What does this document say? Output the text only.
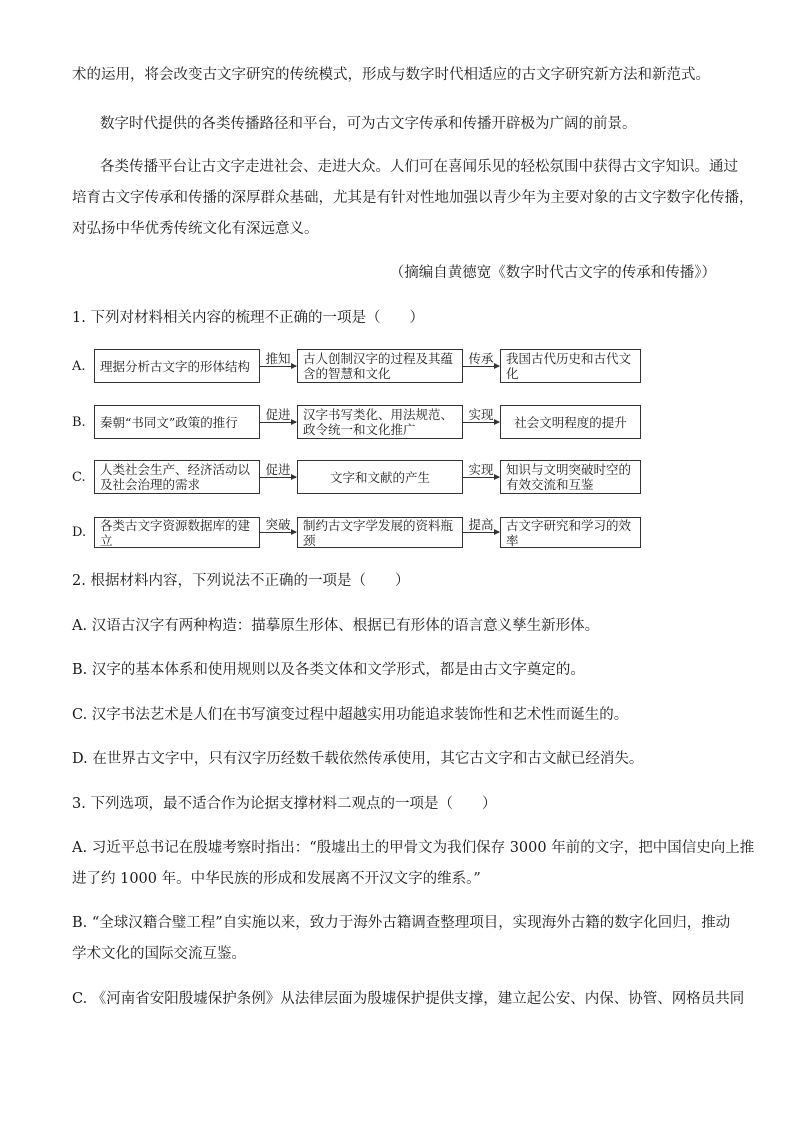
术的运用，将会改变古文字研究的传统模式，形成与数字时代相适应的古文字研究新方法和新范式。
数字时代提供的各类传播路径和平台，可为古文字传承和传播开辟极为广阔的前景。
各类传播平台让古文字走进社会、走进大众。人们可在喜闻乐见的轻松氛围中获得古文字知识。通过
培育古文字传承和传播的深厚群众基础，尤其是有针对性地加强以青少年为主要对象的古文字数字化传播，
对弘扬中华优秀传统文化有深远意义。
（摘编自黄德宽《数字时代古文字的传承和传播》）
1. 下列对材料相关内容的梳理不正确的一项是（　　）
A.	理据分析古文字的形体结构	推知	古人创制汉字的过程及其蕴含的智慧和文化
传承	我国古代历史和古代文化
B.	秦朝“书同文”政策的推行	促进	汉字书写类化、用法规范、政令统一和文化推广
实现	社会文明程度的提升
C.
人类社会生产、经济活动以及社会治理的需求
促进	文字和文献的产生	实现	知识与文明突破时空的有效交流和互鉴
D.	各类古文字资源数据库的建立
突破	制约古文字学发展的资料瓶颈
提高	古文字研究和学习的效率
2. 根据材料内容，下列说法不正确的一项是（　　）
A. 汉语古汉字有两种构造：描摹原生形体、根据已有形体的语言意义孳生新形体。
B. 汉字的基本体系和使用规则以及各类文体和文学形式，都是由古文字奠定的。
C. 汉字书法艺术是人们在书写演变过程中超越实用功能追求装饰性和艺术性而诞生的。
D. 在世界古文字中，只有汉字历经数千载依然传承使用，其它古文字和古文献已经消失。
3. 下列选项，最不适合作为论据支撑材料二观点的一项是（　　）
A. 习近平总书记在殷墟考察时指出：“殷墟出土的甲骨文为我们保存 3000 年前的文字，把中国信史向上推
进了约 1000 年。中华民族的形成和发展离不开汉文字的维系。”
B. “全球汉籍合璧工程”自实施以来，致力于海外古籍调查整理项目，实现海外古籍的数字化回归，推动
学术文化的国际交流互鉴。
C. 《河南省安阳殷墟保护条例》从法律层面为殷墟保护提供支撑，建立起公安、内保、协管、网格员共同
